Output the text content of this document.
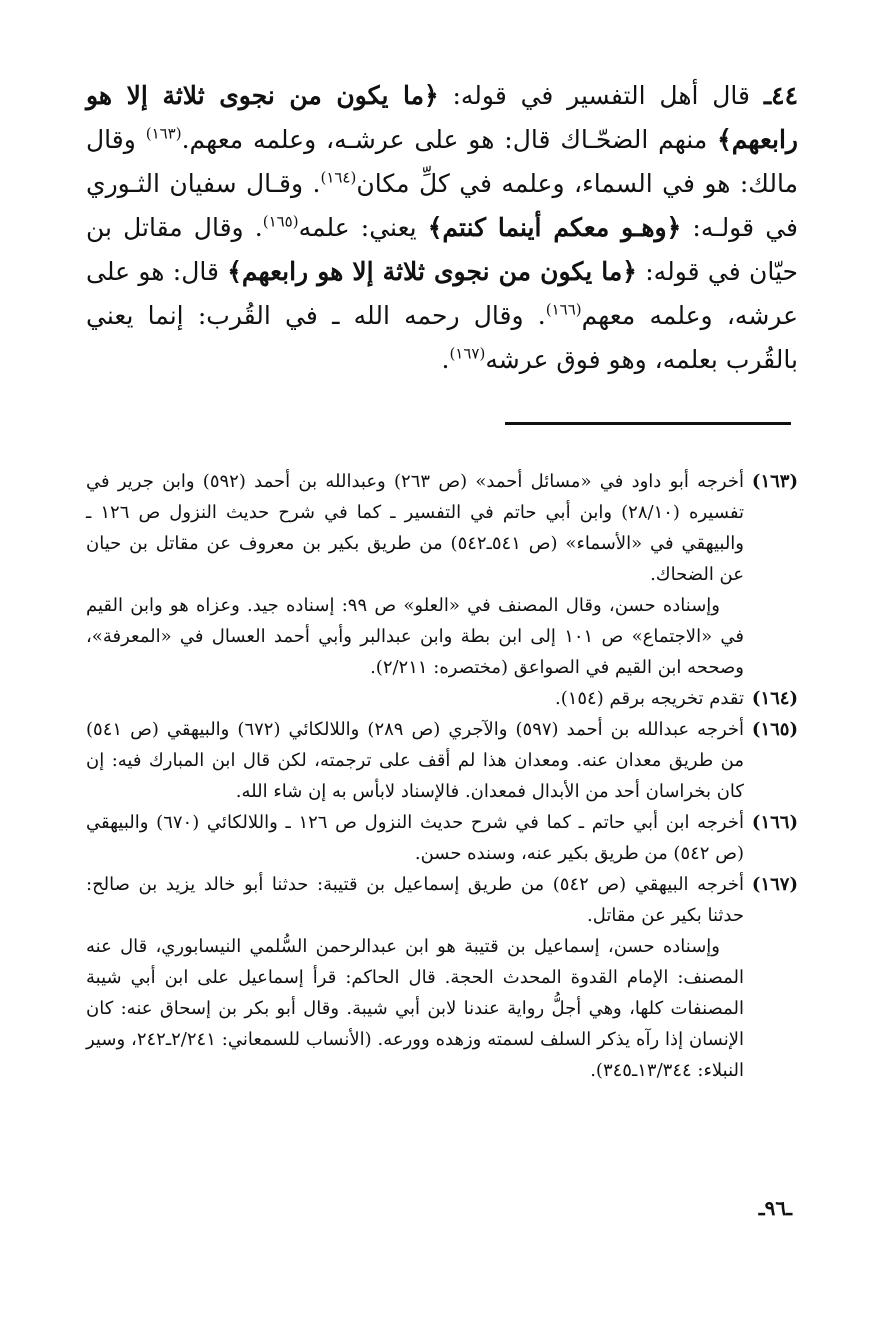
٤٤ـ قال أهل التفسير في قوله: ﴿ما يكون من نجوى ثلاثة إلا هو رابعهم﴾ منهم الضحّـاك قال: هو على عرشـه، وعلمه معهم.$^{(١٦٣)}$ وقال مالك: هو في السماء، وعلمه في كلِّ مكان$^{(١٦٤)}$. وقـال سفيان الثـوري في قولـه: ﴿وهـو معكم أينما كنتم﴾ يعني: علمه$^{(١٦٥)}$. وقال مقاتل بن حيّان في قوله: ﴿ما يكون من نجوى ثلاثة إلا هو رابعهم﴾ قال: هو على عرشه، وعلمه معهم$^{(١٦٦)}$. وقال رحمه الله ـ في القُرب: إنما يعني بالقُرب بعلمه، وهو فوق عرشه$^{(١٦٧)}$.
(١٦٣)
أخرجه أبو داود في «مسائل أحمد» (ص ٢٦٣) وعبدالله بن أحمد (٥٩٢) وابن جرير في تفسيره (٢٨/١٠) وابن أبي حاتم في التفسير ـ كما في شرح حديث النزول ص ١٢٦ ـ والبيهقي في «الأسماء» (ص ٥٤١ـ٥٤٢) من طريق بكير بن معروف عن مقاتل بن حيان عن الضحاك.
وإسناده حسن، وقال المصنف في «العلو» ص ٩٩: إسناده جيد. وعزاه هو وابن القيم في «الاجتماع» ص ١٠١ إلى ابن بطة وابن عبدالبر وأبي أحمد العسال في «المعرفة»، وصححه ابن القيم في الصواعق (مختصره: ٢/٢١١).
(١٦٤)
تقدم تخريجه برقم (١٥٤).
(١٦٥)
أخرجه عبدالله بن أحمد (٥٩٧) والآجري (ص ٢٨٩) واللالكائي (٦٧٢) والبيهقي (ص ٥٤١) من طريق معدان عنه. ومعدان هذا لم أقف على ترجمته، لكن قال ابن المبارك فيه: إن كان بخراسان أحد من الأبدال فمعدان. فالإسناد لابأس به إن شاء الله.
(١٦٦)
أخرجه ابن أبي حاتم ـ كما في شرح حديث النزول ص ١٢٦ ـ واللالكائي (٦٧٠) والبيهقي (ص ٥٤٢) من طريق بكير عنه، وسنده حسن.
(١٦٧)
أخرجه البيهقي (ص ٥٤٢) من طريق إسماعيل بن قتيبة: حدثنا أبو خالد يزيد بن صالح: حدثنا بكير عن مقاتل.
وإسناده حسن، إسماعيل بن قتيبة هو ابن عبدالرحمن السُّلمي النيسابوري، قال عنه المصنف: الإمام القدوة المحدث الحجة. قال الحاكم: قرأ إسماعيل على ابن أبي شيبة المصنفات كلها، وهي أجلُّ رواية عندنا لابن أبي شيبة. وقال أبو بكر بن إسحاق عنه: كان الإنسان إذا رآه يذكر السلف لسمته وزهده وورعه. (الأنساب للسمعاني: ٢/٢٤١ـ٢٤٢، وسير النبلاء: ١٣/٣٤٤ـ٣٤٥).
ـ٩٦ـ
